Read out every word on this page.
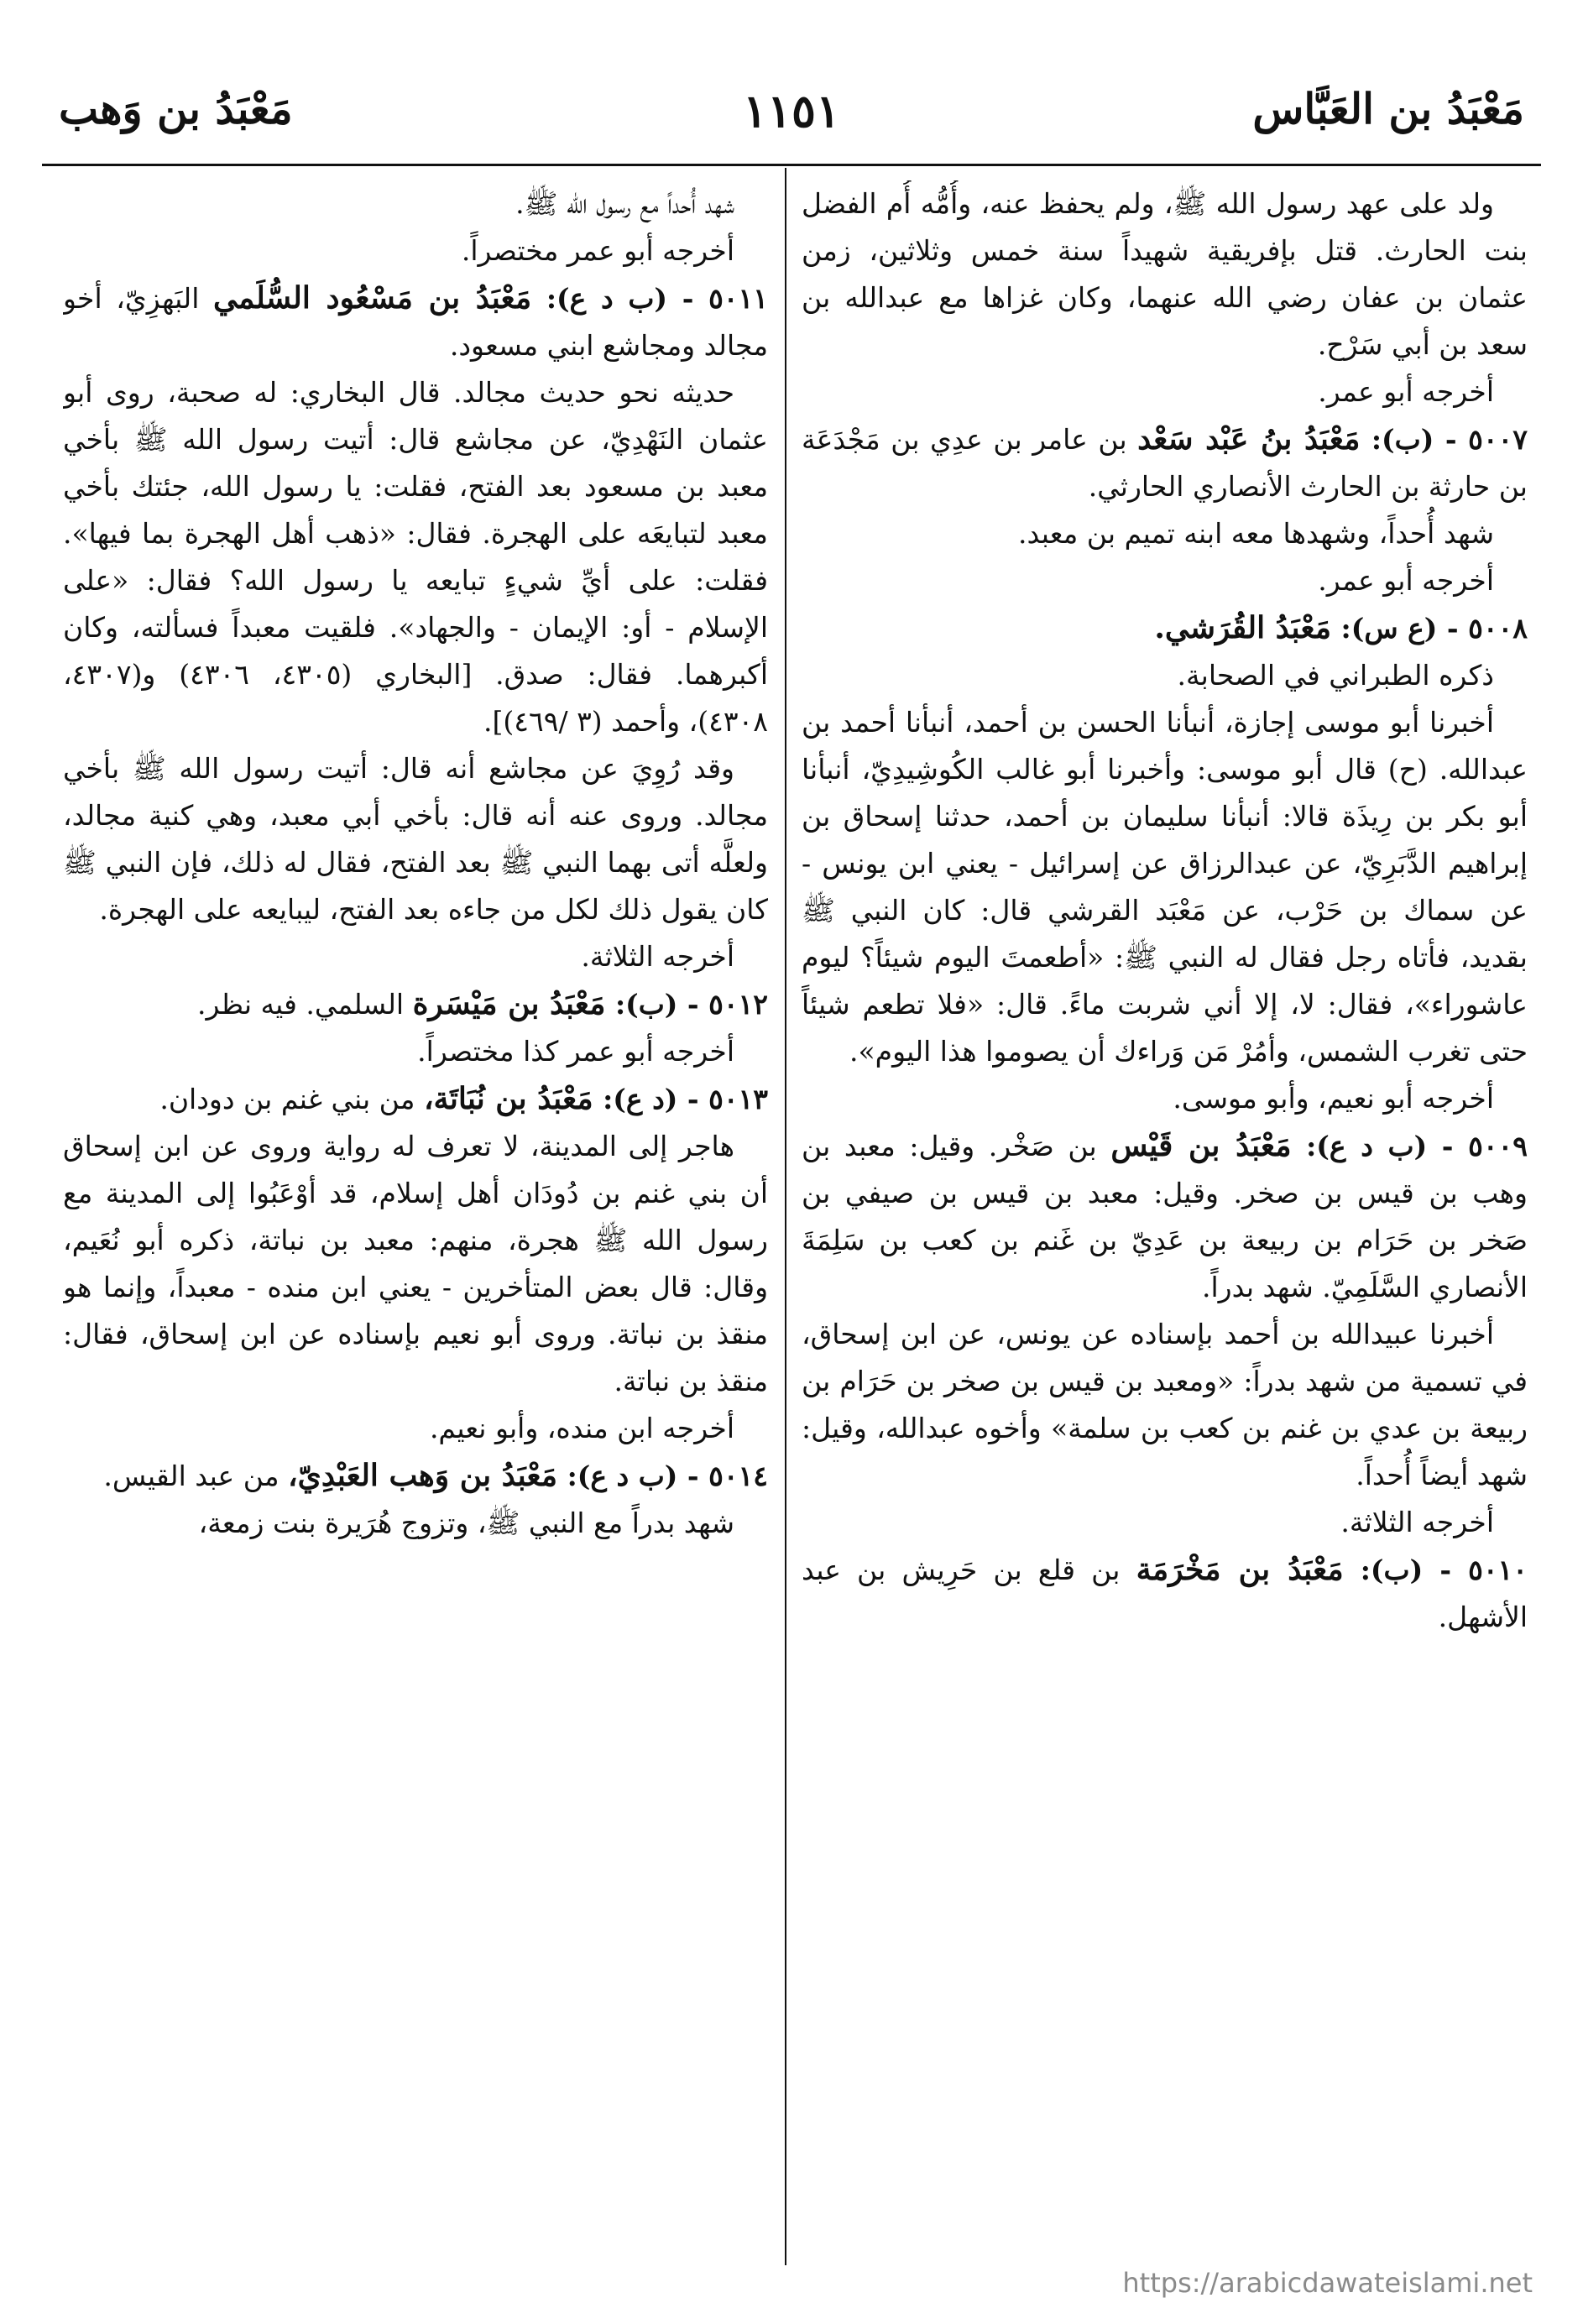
مَعْبَدُ بن العَبَّاس
١١٥١
مَعْبَدُ بن وَهب

ولد على عهد رسول الله ﷺ، ولم يحفظ عنه، وأُمُّه أُم الفضل بنت الحارث. قتل بإفريقية شهيداً سنة خمس وثلاثين، زمن عثمان بن عفان رضي الله عنهما، وكان غزاها مع عبدالله بن سعد بن أبي سَرْح.

أخرجه أبو عمر.

٥٠٠٧ - (ب): مَعْبَدُ بنُ عَبْد سَعْد بن عامر بن عدِي بن مَجْدَعَة بن حارثة بن الحارث الأنصاري الحارثي.

شهد أُحداً، وشهدها معه ابنه تميم بن معبد.

أخرجه أبو عمر.

٥٠٠٨ - (ع س): مَعْبَدُ القُرَشي.

ذكره الطبراني في الصحابة.

أخبرنا أبو موسى إجازة، أنبأنا الحسن بن أحمد، أنبأنا أحمد بن عبدالله. (ح) قال أبو موسى: وأخبرنا أبو غالب الكُوشِيدِيّ، أنبأنا أبو بكر بن رِيذَة قالا: أنبأنا سليمان بن أحمد، حدثنا إسحاق بن إبراهيم الدَّبَرِيّ، عن عبدالرزاق عن إسرائيل - يعني ابن يونس - عن سماك بن حَرْب، عن مَعْبَد القرشي قال: كان النبي ﷺ بقديد، فأتاه رجل فقال له النبي ﷺ: «أطعمتَ اليوم شيئاً؟ ليوم عاشوراء»، فقال: لا، إلا أني شربت ماءً. قال: «فلا تطعم شيئاً حتى تغرب الشمس، وأمُرْ مَن وَراءك أن يصوموا هذا اليوم».

أخرجه أبو نعيم، وأبو موسى.

٥٠٠٩ - (ب د ع): مَعْبَدُ بن قَيْس بن صَخْر. وقيل: معبد بن وهب بن قيس بن صخر. وقيل: معبد بن قيس بن صيفي بن صَخر بن حَرَام بن ربيعة بن عَدِيّ بن غَنم بن كعب بن سَلِمَةَ الأنصاري السَّلَمِيّ. شهد بدراً.

أخبرنا عبيدالله بن أحمد بإسناده عن يونس، عن ابن إسحاق، في تسمية من شهد بدراً: «ومعبد بن قيس بن صخر بن حَرَام بن ربيعة بن عدي بن غنم بن كعب بن سلمة» وأخوه عبدالله، وقيل: شهد أيضاً أُحداً.

أخرجه الثلاثة.

٥٠١٠ - (ب): مَعْبَدُ بن مَخْرَمَة بن قلع بن حَرِيش بن عبد الأشهل.

شهد أُحداً مع رسول الله ﷺ.

أخرجه أبو عمر مختصراً.

٥٠١١ - (ب د ع): مَعْبَدُ بن مَسْعُود السُّلَمي البَهزِيّ، أخو مجالد ومجاشع ابني مسعود.

حديثه نحو حديث مجالد. قال البخاري: له صحبة، روى أبو عثمان النَهْدِيّ، عن مجاشع قال: أتيت رسول الله ﷺ بأخي معبد بن مسعود بعد الفتح، فقلت: يا رسول الله، جئتك بأخي معبد لتبايعَه على الهجرة. فقال: «ذهب أهل الهجرة بما فيها». فقلت: على أيِّ شيءٍ تبايعه يا رسول الله؟ فقال: «على الإسلام - أو: الإيمان - والجهاد». فلقيت معبداً فسألته، وكان أكبرهما. فقال: صدق. [البخاري (٤٣٠٥، ٤٣٠٦) و(٤٣٠٧، ٤٣٠٨)، وأحمد (٣ /٤٦٩)].

وقد رُوِيَ عن مجاشع أنه قال: أتيت رسول الله ﷺ بأخي مجالد. وروى عنه أنه قال: بأخي أبي معبد، وهي كنية مجالد، ولعلَّه أتى بهما النبي ﷺ بعد الفتح، فقال له ذلك، فإن النبي ﷺ كان يقول ذلك لكل من جاءه بعد الفتح، ليبايعه على الهجرة.

أخرجه الثلاثة.

٥٠١٢ - (ب): مَعْبَدُ بن مَيْسَرة السلمي. فيه نظر.

أخرجه أبو عمر كذا مختصراً.

٥٠١٣ - (د ع): مَعْبَدُ بن نُبَاتَة، من بني غنم بن دودان.

هاجر إلى المدينة، لا تعرف له رواية وروى عن ابن إسحاق أن بني غنم بن دُودَان أهل إسلام، قد أوْعَبُوا إلى المدينة مع رسول الله ﷺ هجرة، منهم: معبد بن نباتة، ذكره أبو نُعَيم، وقال: قال بعض المتأخرين - يعني ابن منده - معبداً، وإنما هو منقذ بن نباتة. وروى أبو نعيم بإسناده عن ابن إسحاق، فقال: منقذ بن نباتة.

أخرجه ابن منده، وأبو نعيم.

٥٠١٤ - (ب د ع): مَعْبَدُ بن وَهب العَبْدِيّ، من عبد القيس.

شهد بدراً مع النبي ﷺ، وتزوج هُرَيرة بنت زمعة،

https://arabicdawateislami.net
